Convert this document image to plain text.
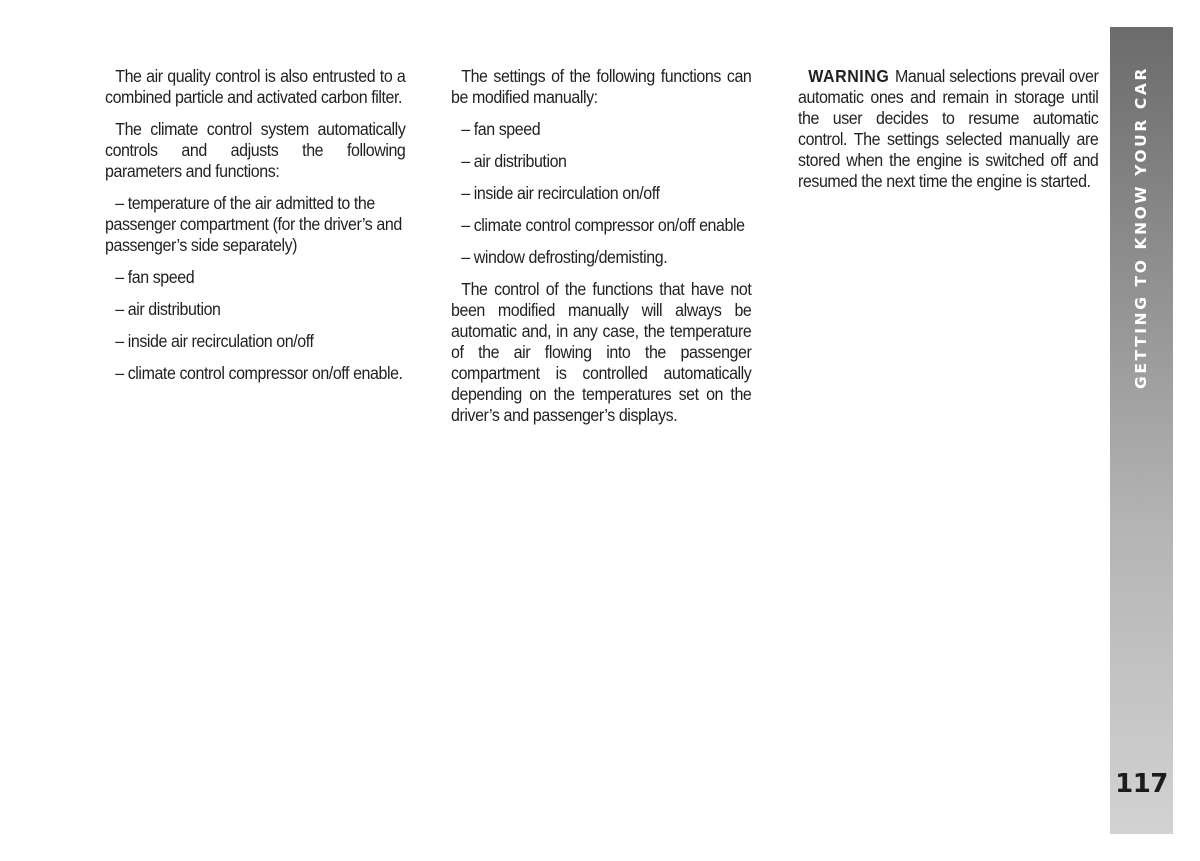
The air quality control is also entrusted to a combined particle and activated carbon filter.

The climate control system automatically controls and adjusts the following parameters and functions:

– temperature of the air admitted to the passenger compartment (for the driver’s and passenger’s side separately)

– fan speed

– air distribution

– inside air recirculation on/off

– climate control compressor on/off enable.

The settings of the following functions can be modified manually:

– fan speed

– air distribution

– inside air recirculation on/off

– climate control compressor on/off enable

– window defrosting/demisting.

The control of the functions that have not been modified manually will always be automatic and, in any case, the temperature of the air flowing into the passenger compartment is controlled automatically depending on the temperatures set on the driver’s and passenger’s displays.

WARNING Manual selections prevail over automatic ones and remain in storage until the user decides to resume automatic control. The settings selected manually are stored when the engine is switched off and resumed the next time the engine is started.	GETTING TO KNOW YOUR CAR
117
